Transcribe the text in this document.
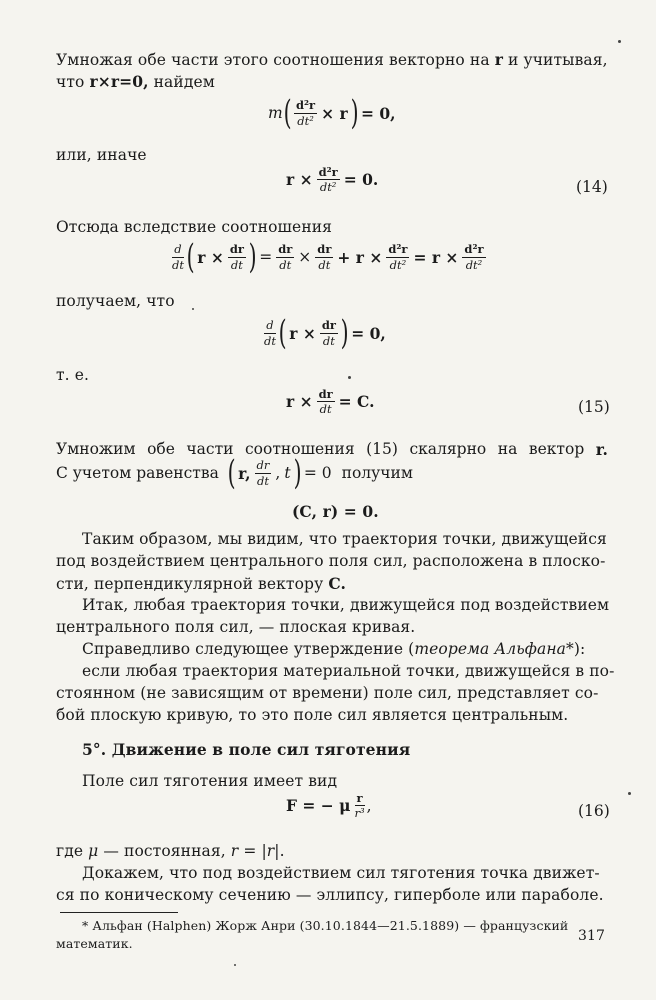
Умножая обе части этого соотношения векторно на r и учитывая,
что r×r=0, найдем
m ( $\frac{\text{d²r}}{\text{dt²}} \times r$ ) = 0,
или, иначе
$r \times \frac{\text{d²r}}{\text{dt²}} = 0$.	(14)
Отсюда вследствие соотношения
$\frac{d}{dt}$ ( $r \times \frac{dr}{dt}$ ) = $\frac{dr}{dt} \times \frac{dr}{dt} + r \times \frac{\text{d²r}}{\text{dt²}} = r \times \frac{\text{d²r}}{\text{dt²}}$
получаем, что
$\frac{d}{dt}$ ( $r \times \frac{dr}{dt}$ ) = 0,
т. е.
$r \times \frac{dr}{dt} = C$.	(15)
Умножим обе части соотношения (15) скалярно на вектор r.
С учетом равенства ( r, $\frac{dr}{dt}$ , t ) = 0 получим
(C, r) = 0.
Таким образом, мы видим, что траектория точки, движущейся
под воздействием центрального поля сил, расположена в плоско-
сти, перпендикулярной вектору C.
Итак, любая траектория точки, движущейся под воздействием
центрального поля сил, — плоская кривая.
Справедливо следующее утверждение (теорема Альфана*):
если любая траектория материальной точки, движущейся в по-
стоянном (не зависящим от времени) поле сил, представляет со-
бой плоскую кривую, то это поле сил является центральным.
5°. Движение в поле сил тяготения
Поле сил тяготения имеет вид
F = − μ $\frac{r}{\text{r³}}$ ,	(16)
где μ — постоянная, r = |r|.
Докажем, что под воздействием сил тяготения точка движет-
ся по коническому сечению — эллипсу, гиперболе или параболе.
* Альфан (Halphen) Жорж Анри (30.10.1844—21.5.1889) — французский
математик.	317
